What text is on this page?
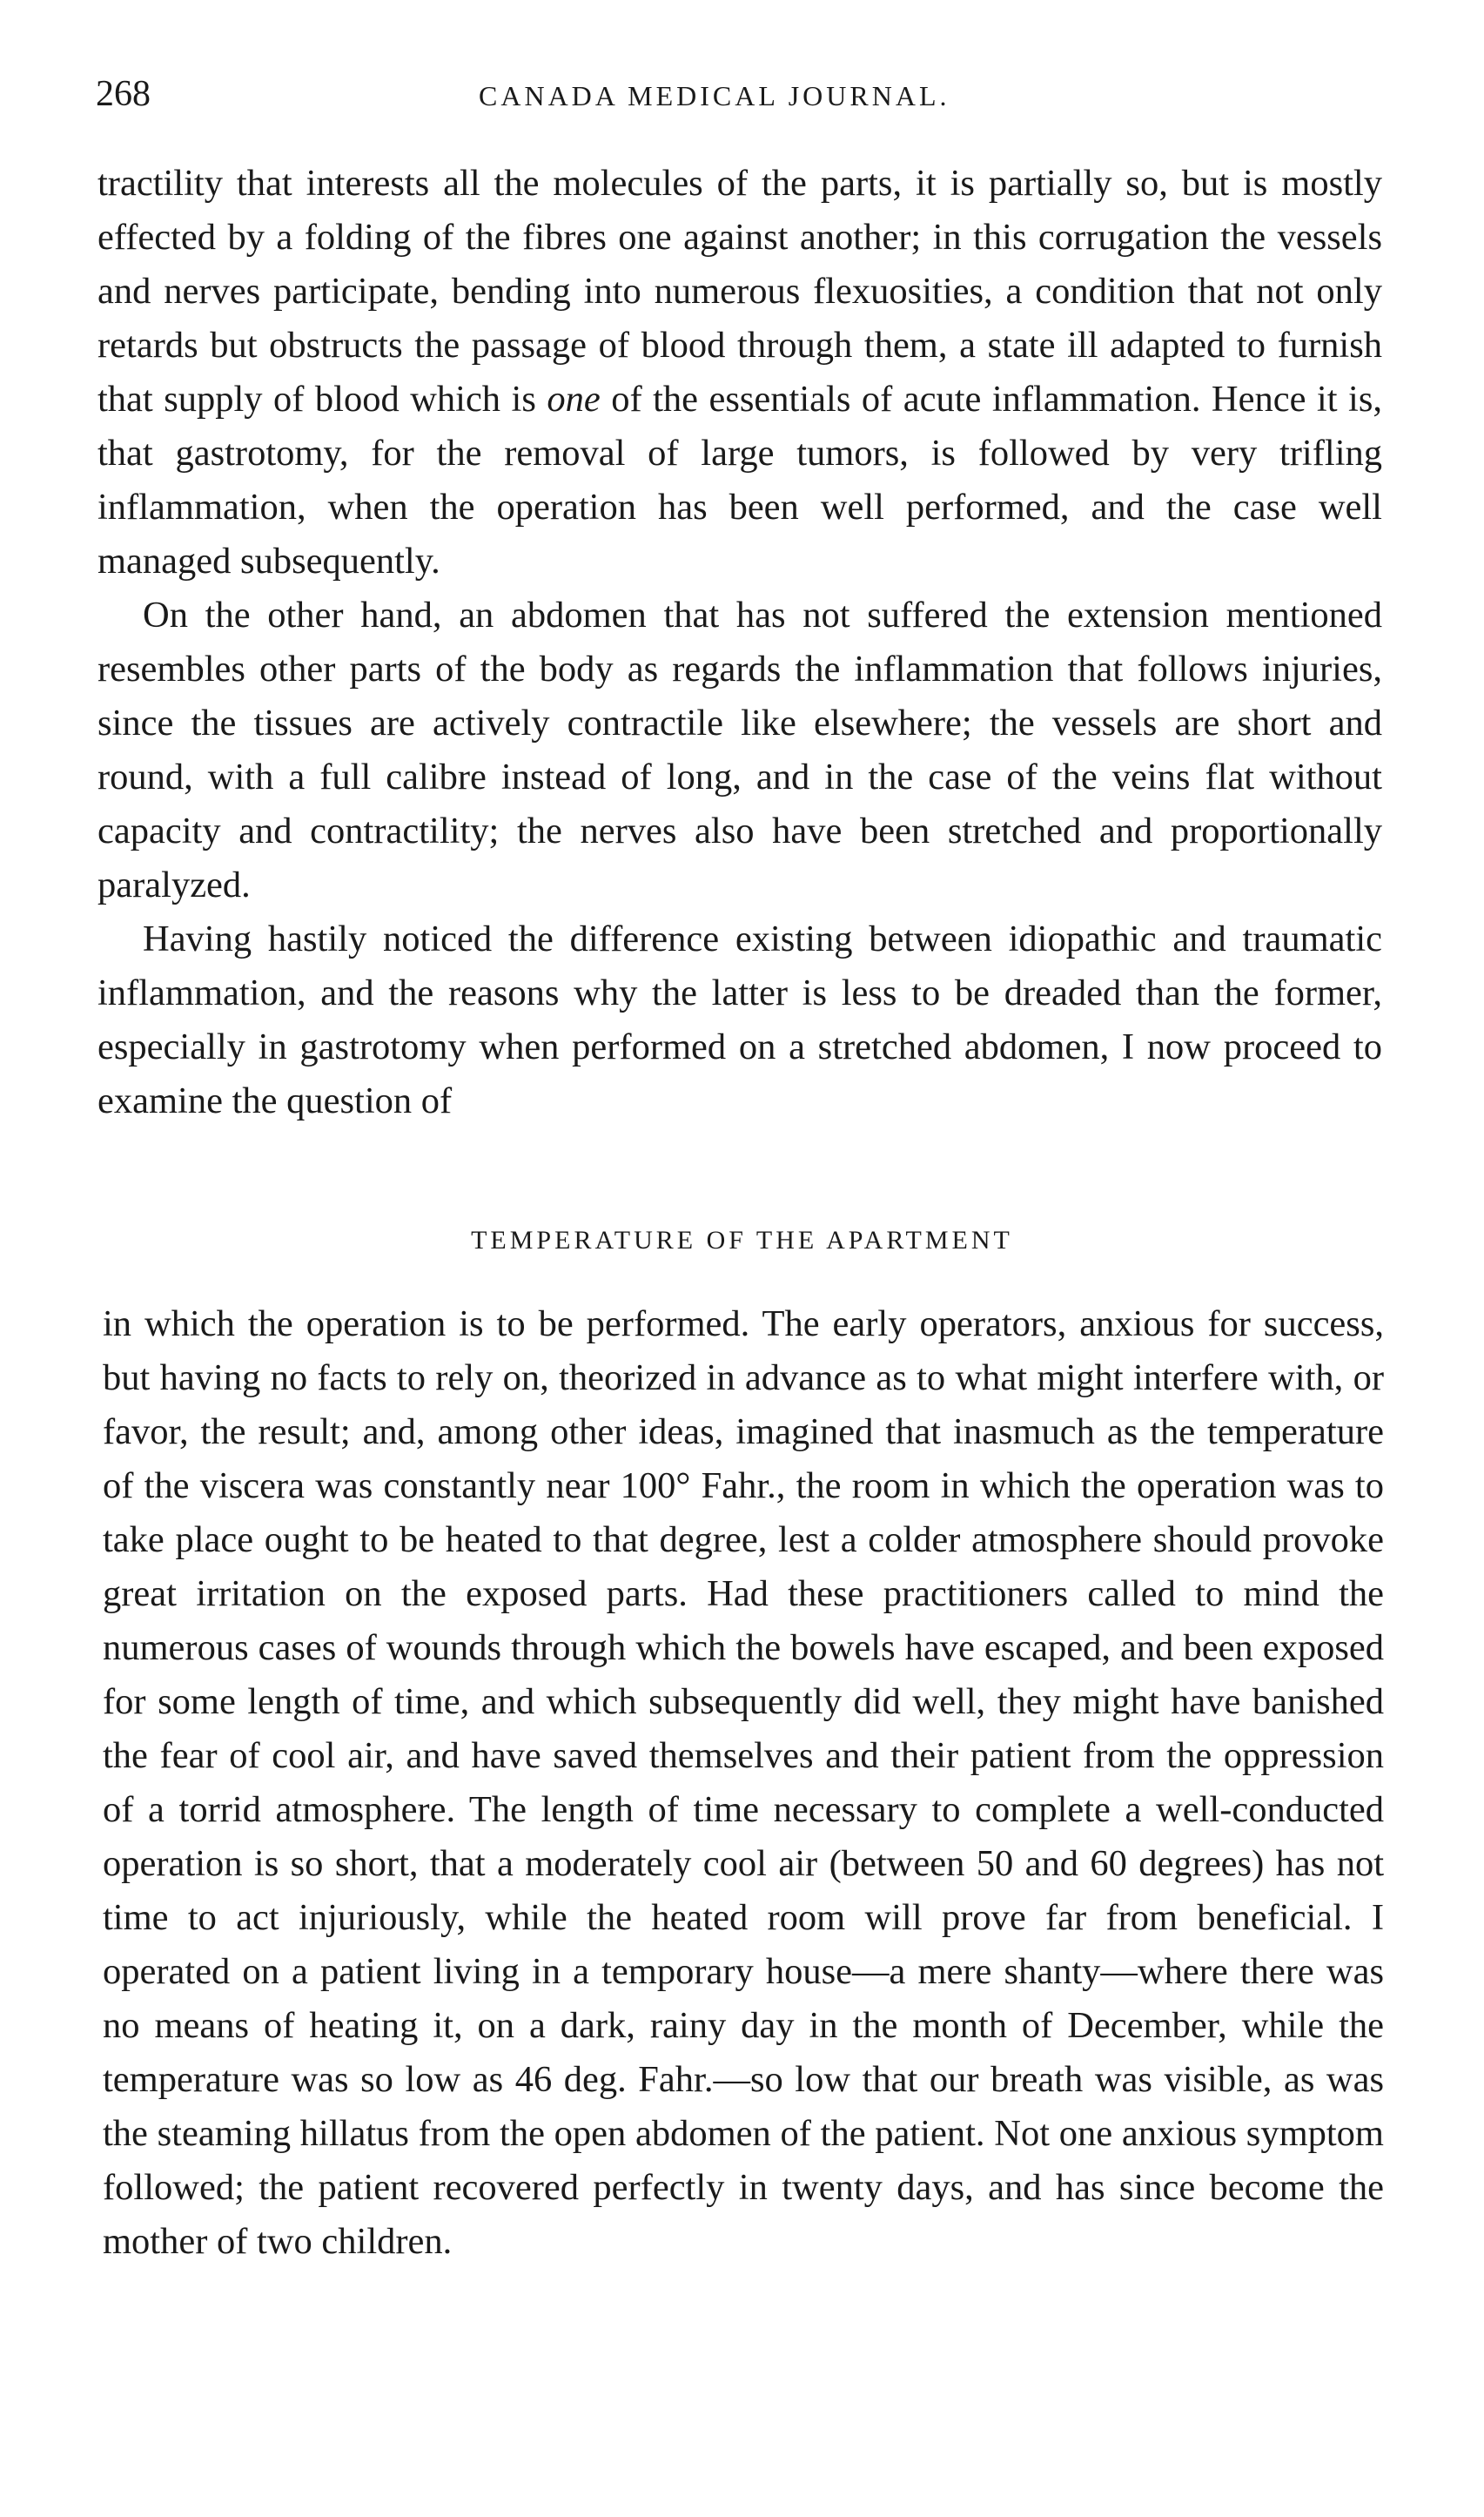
268	CANADA MEDICAL JOURNAL.

tractility that interests all the molecules of the parts, it is partially so, but is mostly effected by a folding of the fibres one against another; in this corrugation the vessels and nerves participate, bending into numerous flexuosities, a condition that not only retards but obstructs the passage of blood through them, a state ill adapted to furnish that supply of blood which is one of the essentials of acute inflammation. Hence it is, that gastrotomy, for the removal of large tumors, is followed by very trifling inflammation, when the operation has been well performed, and the case well managed subsequently.

On the other hand, an abdomen that has not suffered the extension mentioned resembles other parts of the body as regards the inflammation that follows injuries, since the tissues are actively contractile like elsewhere; the vessels are short and round, with a full calibre instead of long, and in the case of the veins flat without capacity and contractility; the nerves also have been stretched and proportionally paralyzed.

Having hastily noticed the difference existing between idiopathic and traumatic inflammation, and the reasons why the latter is less to be dreaded than the former, especially in gastrotomy when performed on a stretched abdomen, I now proceed to examine the question of

TEMPERATURE OF THE APARTMENT

in which the operation is to be performed. The early operators, anxious for success, but having no facts to rely on, theorized in advance as to what might interfere with, or favor, the result; and, among other ideas, imagined that inasmuch as the temperature of the viscera was constantly near 100° Fahr., the room in which the operation was to take place ought to be heated to that degree, lest a colder atmosphere should provoke great irritation on the exposed parts. Had these practitioners called to mind the numerous cases of wounds through which the bowels have escaped, and been exposed for some length of time, and which subsequently did well, they might have banished the fear of cool air, and have saved themselves and their patient from the oppression of a torrid atmosphere. The length of time necessary to complete a well-conducted operation is so short, that a moderately cool air (between 50 and 60 degrees) has not time to act injuriously, while the heated room will prove far from beneficial. I operated on a patient living in a temporary house—a mere shanty—where there was no means of heating it, on a dark, rainy day in the month of December, while the temperature was so low as 46 deg. Fahr.—so low that our breath was visible, as was the steaming hillatus from the open abdomen of the patient. Not one anxious symptom followed; the patient recovered perfectly in twenty days, and has since become the mother of two children.
